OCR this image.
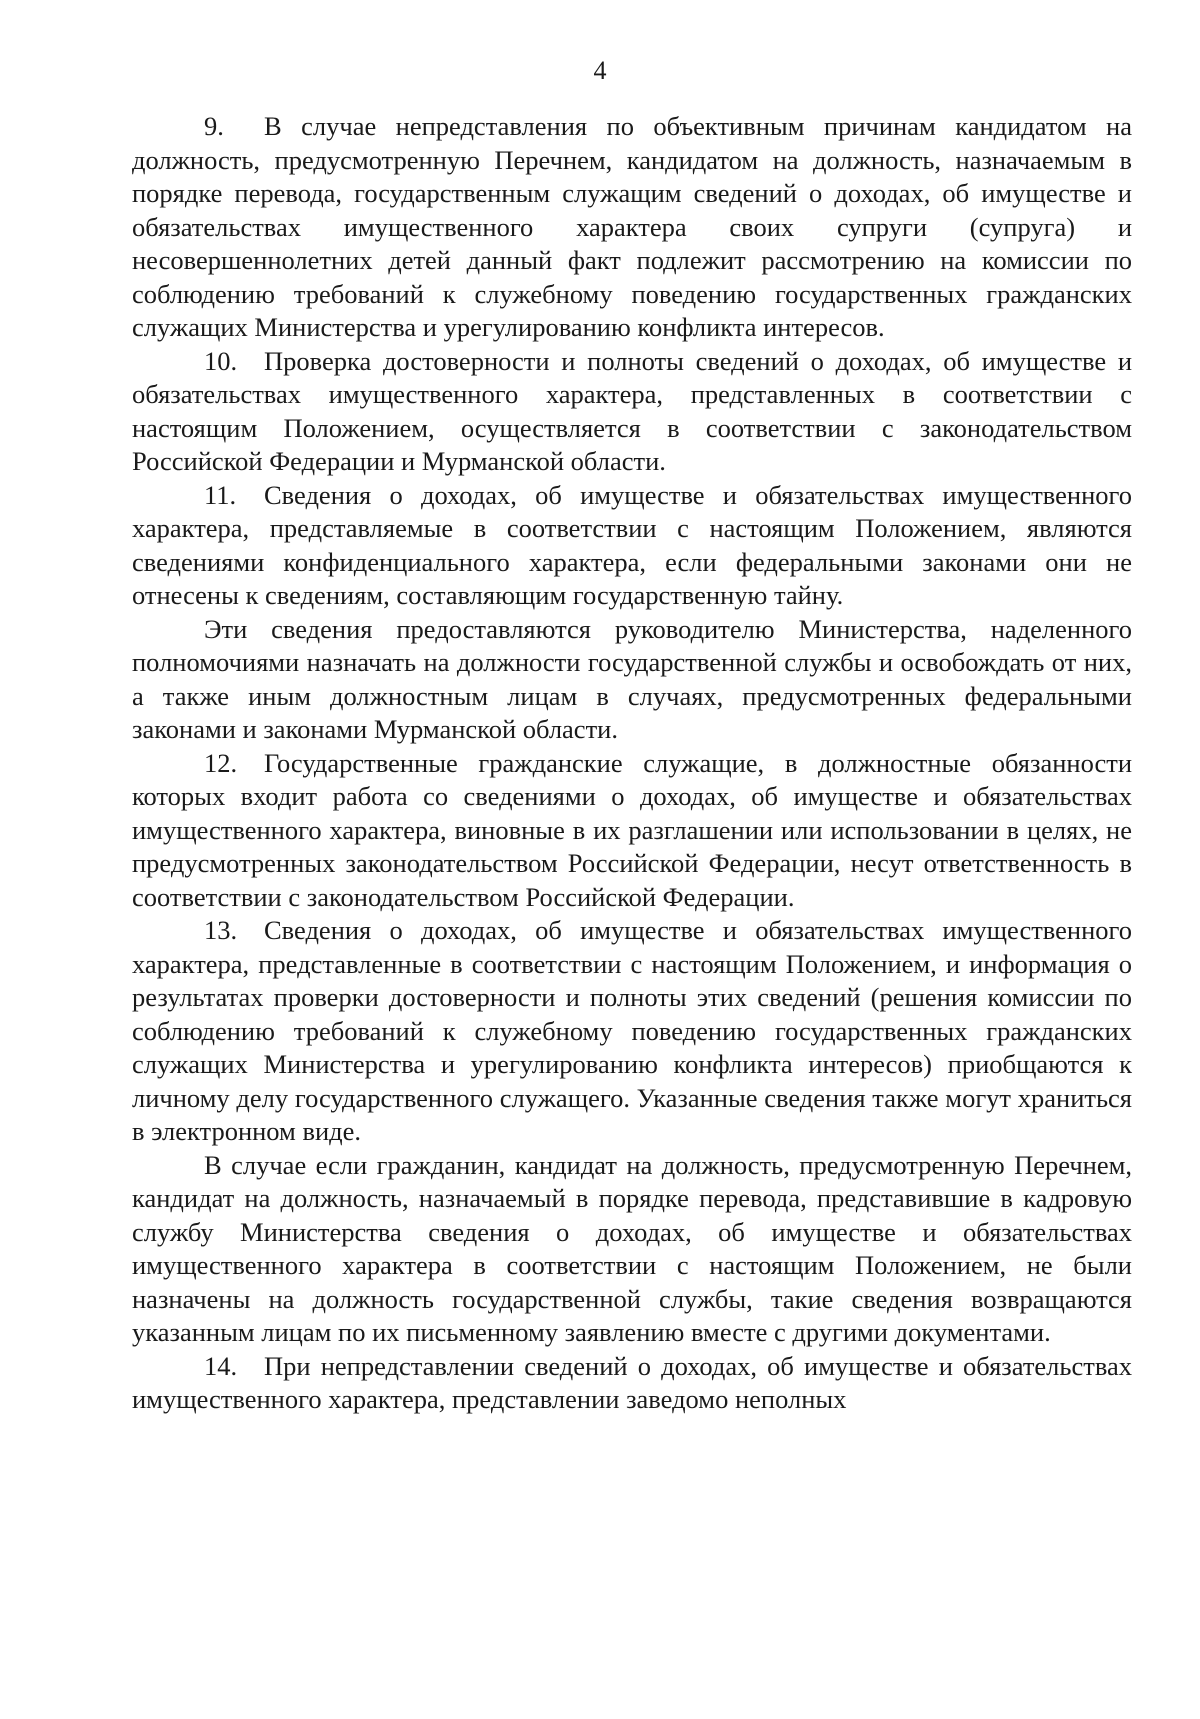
4

9. В случае непредставления по объективным причинам кандидатом на должность, предусмотренную Перечнем, кандидатом на должность, назначаемым в порядке перевода, государственным служащим сведений о доходах, об имуществе и обязательствах имущественного характера своих супруги (супруга) и несовершеннолетних детей данный факт подлежит рассмотрению на комиссии по соблюдению требований к служебному поведению государственных гражданских служащих Министерства и урегулированию конфликта интересов.

10. Проверка достоверности и полноты сведений о доходах, об имуществе и обязательствах имущественного характера, представленных в соответствии с настоящим Положением, осуществляется в соответствии с законодательством Российской Федерации и Мурманской области.

11. Сведения о доходах, об имуществе и обязательствах имущественного характера, представляемые в соответствии с настоящим Положением, являются сведениями конфиденциального характера, если федеральными законами они не отнесены к сведениям, составляющим государственную тайну.

Эти сведения предоставляются руководителю Министерства, наделенного полномочиями назначать на должности государственной службы и освобождать от них, а также иным должностным лицам в случаях, предусмотренных федеральными законами и законами Мурманской области.

12. Государственные гражданские служащие, в должностные обязанности которых входит работа со сведениями о доходах, об имуществе и обязательствах имущественного характера, виновные в их разглашении или использовании в целях, не предусмотренных законодательством Российской Федерации, несут ответственность в соответствии с законодательством Российской Федерации.

13. Сведения о доходах, об имуществе и обязательствах имущественного характера, представленные в соответствии с настоящим Положением, и информация о результатах проверки достоверности и полноты этих сведений (решения комиссии по соблюдению требований к служебному поведению государственных гражданских служащих Министерства и урегулированию конфликта интересов) приобщаются к личному делу государственного служащего. Указанные сведения также могут храниться в электронном виде.

В случае если гражданин, кандидат на должность, предусмотренную Перечнем, кандидат на должность, назначаемый в порядке перевода, представившие в кадровую службу Министерства сведения о доходах, об имуществе и обязательствах имущественного характера в соответствии с настоящим Положением, не были назначены на должность государственной службы, такие сведения возвращаются указанным лицам по их письменному заявлению вместе с другими документами.

14. При непредставлении сведений о доходах, об имуществе и обязательствах имущественного характера, представлении заведомо неполных
